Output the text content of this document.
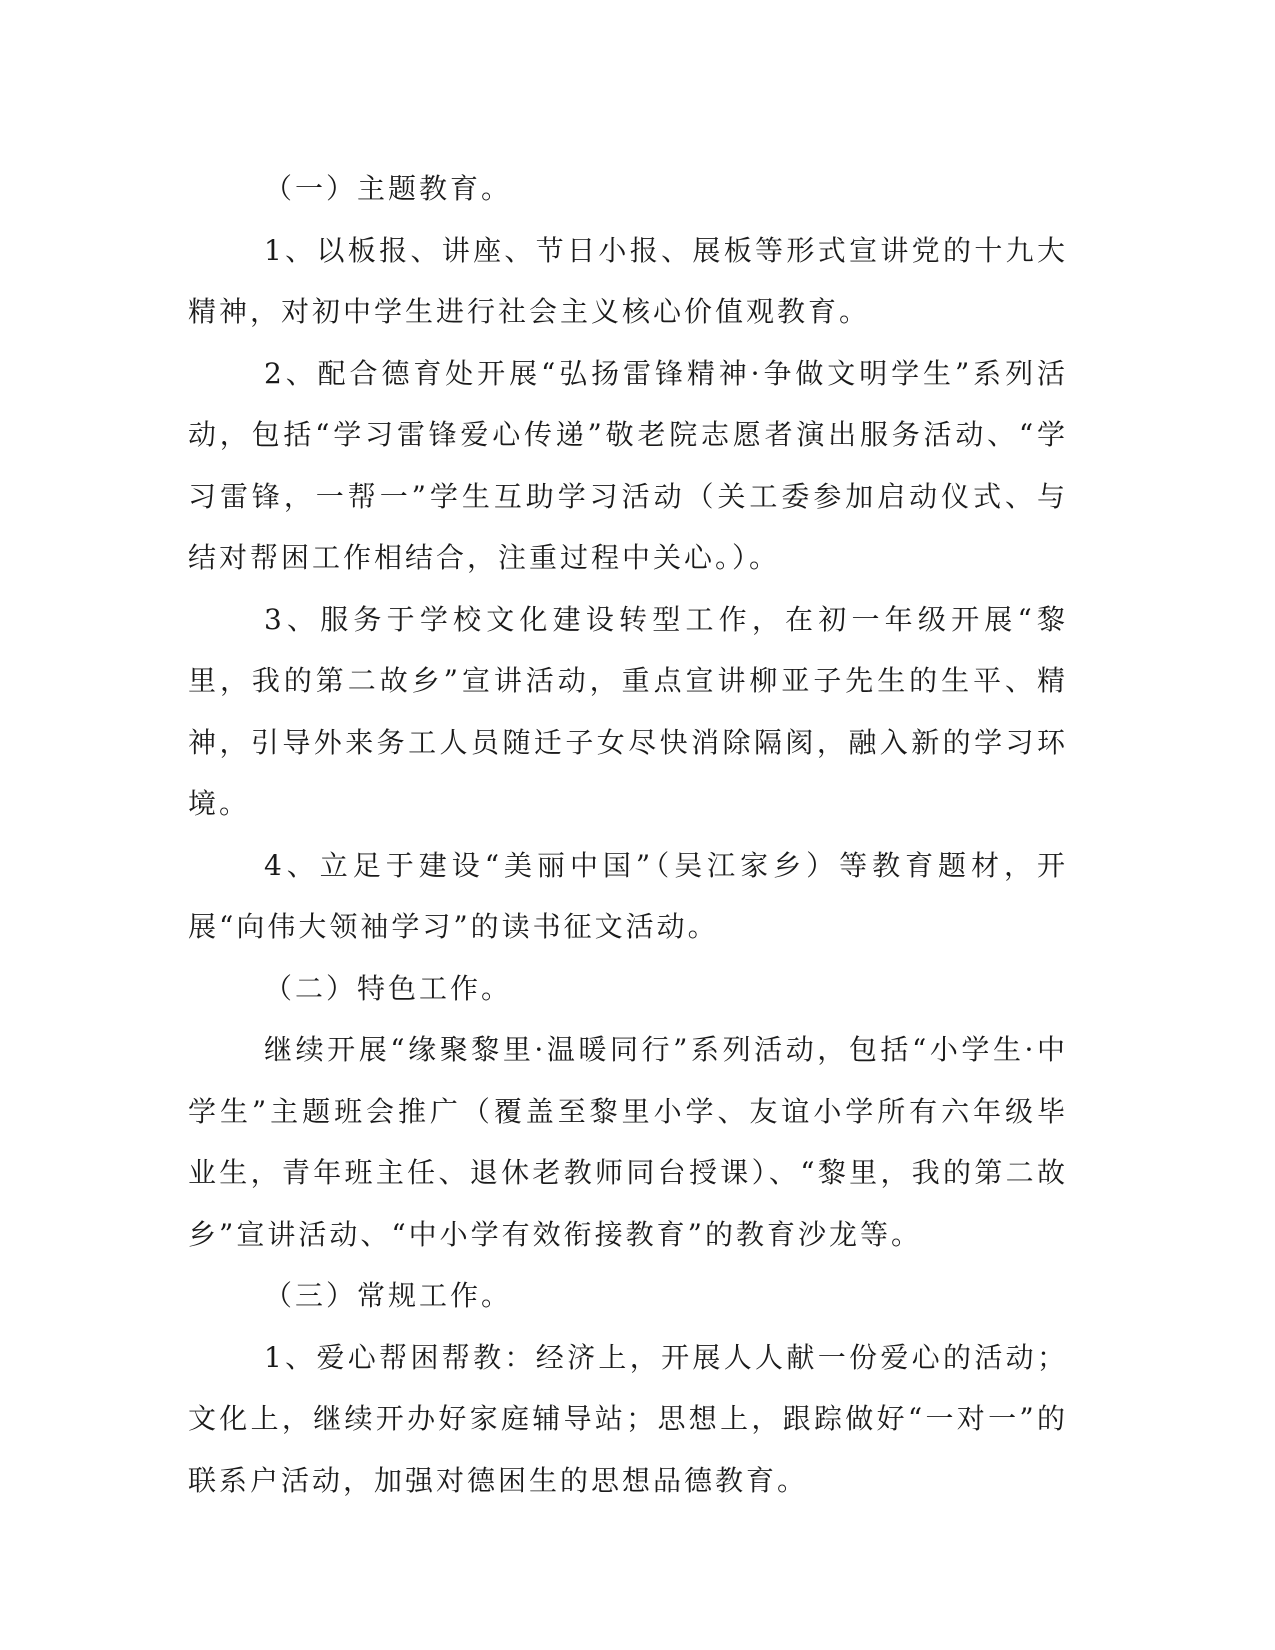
（一）主题教育。

1、以板报、讲座、节日小报、展板等形式宣讲党的十九大精神，对初中学生进行社会主义核心价值观教育。

2、配合德育处开展“弘扬雷锋精神·争做文明学生”系列活动，包括“学习雷锋爱心传递”敬老院志愿者演出服务活动、“学习雷锋，一帮一”学生互助学习活动（关工委参加启动仪式、与结对帮困工作相结合，注重过程中关心。）。

3、服务于学校文化建设转型工作，在初一年级开展“黎里，我的第二故乡”宣讲活动，重点宣讲柳亚子先生的生平、精神，引导外来务工人员随迁子女尽快消除隔阂，融入新的学习环境。

4、立足于建设“美丽中国”（吴江家乡）等教育题材，开展“向伟大领袖学习”的读书征文活动。

（二）特色工作。

继续开展“缘聚黎里·温暖同行”系列活动，包括“小学生·中学生”主题班会推广（覆盖至黎里小学、友谊小学所有六年级毕业生，青年班主任、退休老教师同台授课）、“黎里，我的第二故乡”宣讲活动、“中小学有效衔接教育”的教育沙龙等。

（三）常规工作。

1、爱心帮困帮教：经济上，开展人人献一份爱心的活动；文化上，继续开办好家庭辅导站；思想上，跟踪做好“一对一”的联系户活动，加强对德困生的思想品德教育。
